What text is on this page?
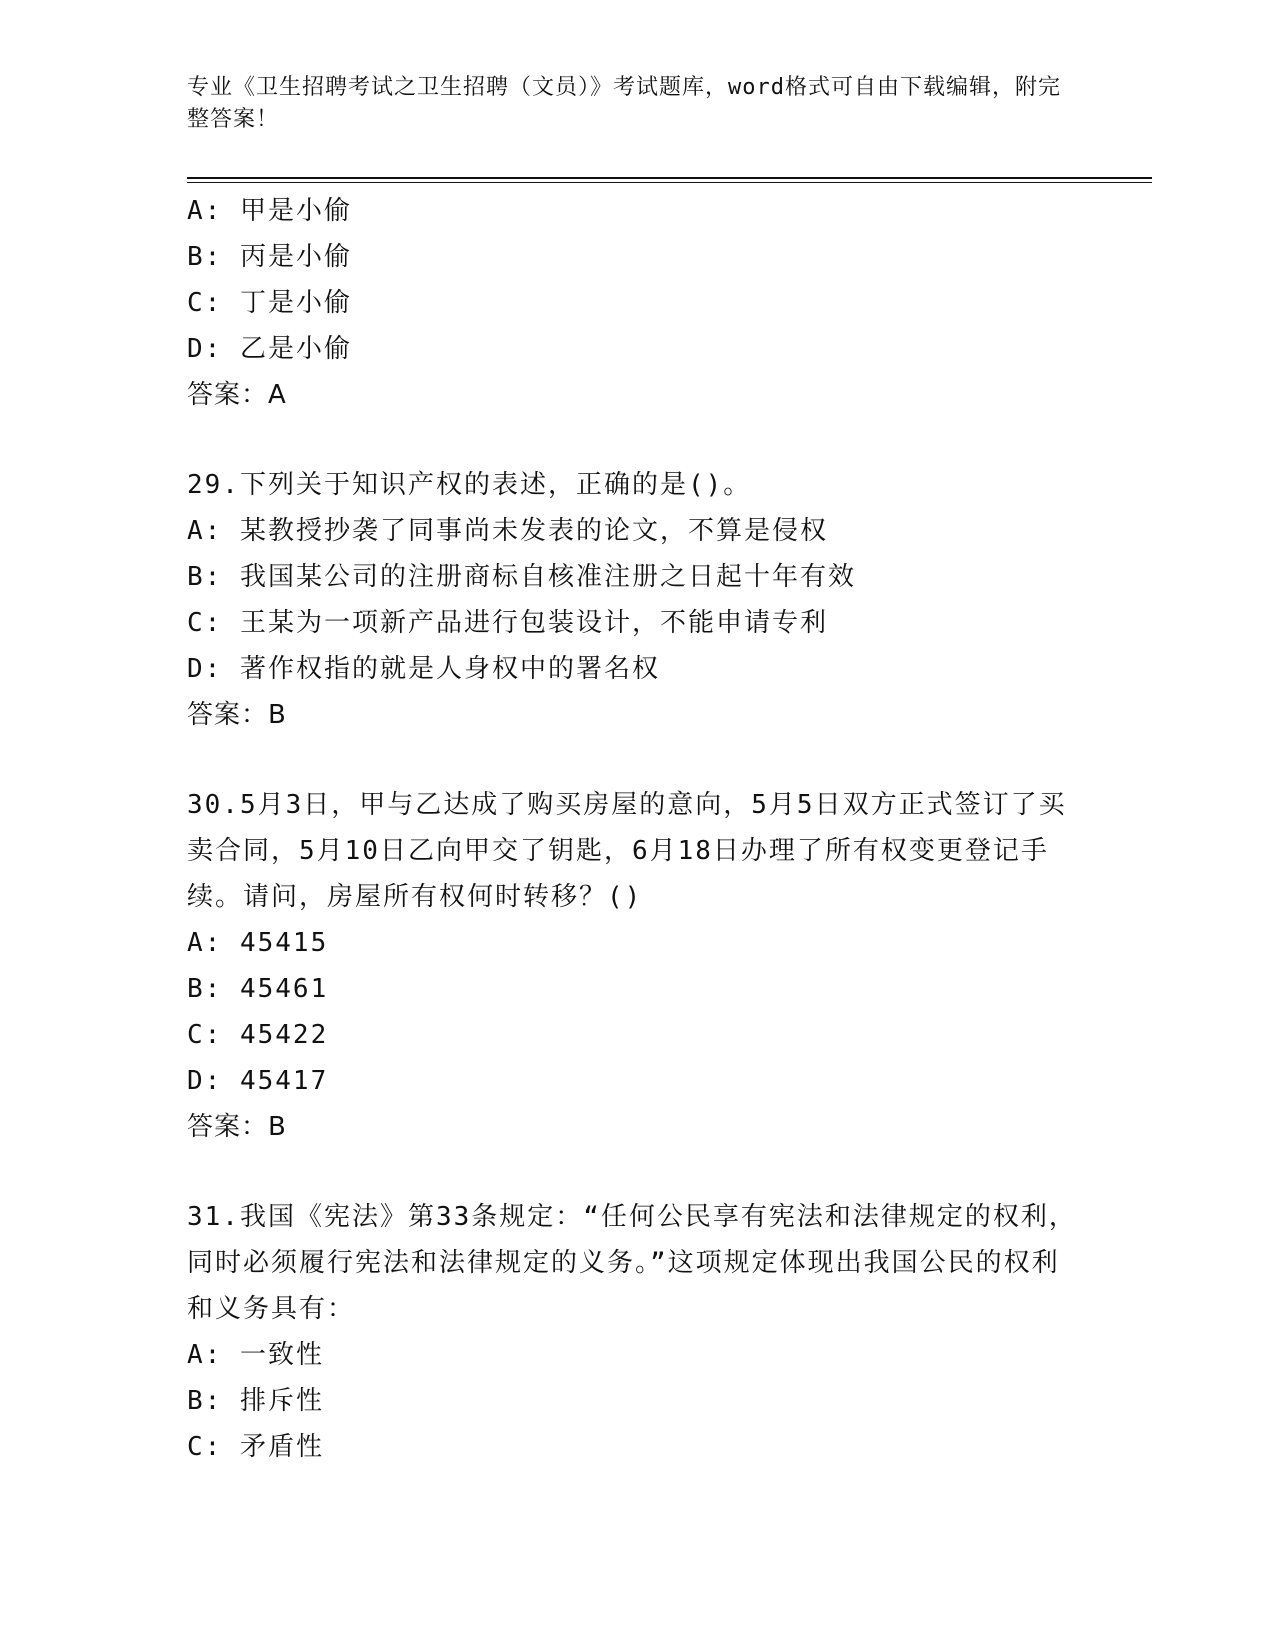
专业《卫生招聘考试之卫生招聘（文员）》考试题库，word格式可自由下载编辑，附完整答案！
A: 甲是小偷
B: 丙是小偷
C: 丁是小偷
D: 乙是小偷
答案：A
29.下列关于知识产权的表述，正确的是()。
A: 某教授抄袭了同事尚未发表的论文，不算是侵权
B: 我国某公司的注册商标自核准注册之日起十年有效
C: 王某为一项新产品进行包装设计，不能申请专利
D: 著作权指的就是人身权中的署名权
答案：B
30.5月3日，甲与乙达成了购买房屋的意向，5月5日双方正式签订了买卖合同，5月10日乙向甲交了钥匙，6月18日办理了所有权变更登记手续。请问，房屋所有权何时转移？()
A: 45415
B: 45461
C: 45422
D: 45417
答案：B
31.我国《宪法》第33条规定：“任何公民享有宪法和法律规定的权利，同时必须履行宪法和法律规定的义务。”这项规定体现出我国公民的权利和义务具有：
A: 一致性
B: 排斥性
C: 矛盾性
